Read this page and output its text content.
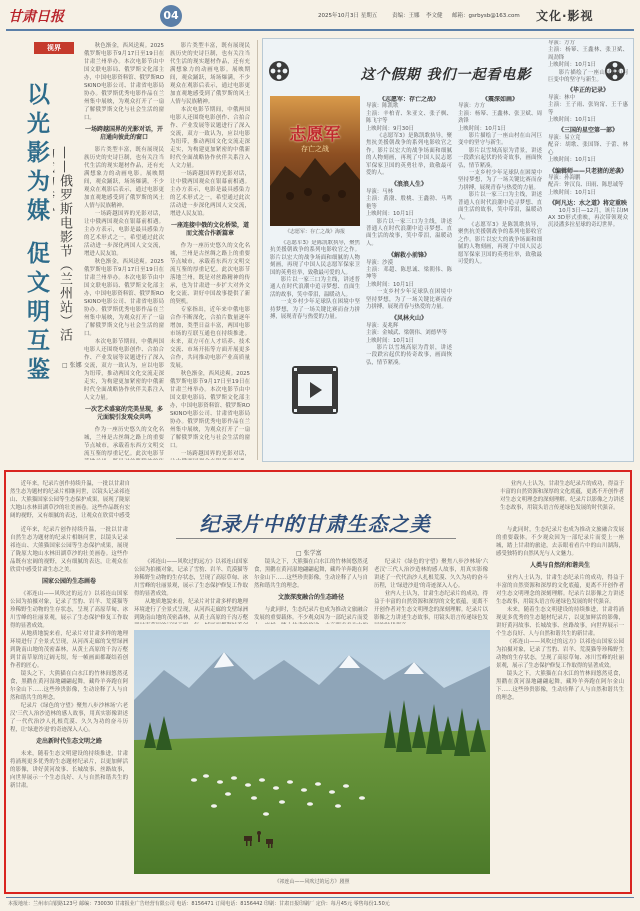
甘肃日报	04	2025年10月3日 星期五	责编：王娜 李文健 邮箱：gsrbysb@163.com 文化·影视
视界
以光影为媒 促文明互鉴 ——俄罗斯电影节（兰州站）活
□ 张娜

秋色渐金，西风送爽。2025俄罗斯电影节9月17日至19日在甘肃兰州举办。本次电影节由中国文联电影局、俄罗斯文化部主办，中国电影资料馆、俄罗斯ROSKINO电影公司、甘肃省电影局协办。俄罗斯优秀电影作品在兰州集中展映，为观众打开了一扇了解俄罗斯文化与社会生活的窗口。

一场跨越国界的光影对话，开启通向彼此的窗口

影片类型丰富，既有展现民族历史的史诗巨制，也有关注当代生活的现实题材作品，还有充满想象力的动画电影。展映期间，观众踊跃，场场爆满，不少观众在观影后表示，通过电影更加直观地感受到了俄罗斯的风土人情与民族精神。

一场跨越国界的光影对话，让中俄两国观众在银幕前相遇。主办方表示，电影是最具感染力的艺术形式之一，希望通过此次活动进一步深化两国人文交流，增进人民友谊。

秋色渐金，西风送爽。2025俄罗斯电影节9月17日至19日在甘肃兰州举办。本次电影节由中国文联电影局、俄罗斯文化部主办，中国电影资料馆、俄罗斯ROSKINO电影公司、甘肃省电影局协办。俄罗斯优秀电影作品在兰州集中展映，为观众打开了一扇了解俄罗斯文化与社会生活的窗口。

本次电影节期间，中俄两国电影人还围绕电影创作、合拍合作、产业发展等议题进行了深入交流，双方一致认为，应以电影为纽带，推动两国文化交流走深走实，为构建更加紧密的中俄新时代全面战略协作伙伴关系注入人文力量。

一次艺术盛宴的完美呈现，多元面貌引发观众共鸣

作为一座历史悠久的文化名城，兰州是古丝绸之路上的重要节点城市，承载着东西方文明交流互鉴的厚重记忆。此次电影节

影片类型丰富，既有展现民族历史的史诗巨制，也有关注当代生活的现实题材作品，还有充满想象力的动画电影。展映期间，观众踊跃，场场爆满，不少观众在观影后表示，通过电影更加直观地感受到了俄罗斯的风土人情与民族精神。

本次电影节期间，中俄两国电影人还围绕电影创作、合拍合作、产业发展等议题进行了深入交流，双方一致认为，应以电影为纽带，推动两国文化交流走深走实，为构建更加紧密的中俄新时代全面战略协作伙伴关系注入人文力量。

一场跨越国界的光影对话，让中俄两国观众在银幕前相遇。主办方表示，电影是最具感染力的艺术形式之一，希望通过此次活动进一步深化两国人文交流，增进人民友谊。

一座连接中俄的文化桥梁，道而文流合作新篇章

作为一座历史悠久的文化名城，兰州是古丝绸之路上的重要节点城市，承载着东西方文明交流互鉴的厚重记忆。此次电影节落地兰州，既是对丝路精神的传承，也为甘肃进一步扩大对外文化交流、讲好中国故事提供了新的契机。

专家指出，近年来中俄电影合作不断深化，合拍片数量逐年增加，类型日益丰富，两国电影市场的互联互通也在持续推进。未来，双方可在人才培养、技术交流、市场开拓等方面开展更多合作，共同推动电影产业高质量发展。

秋色渐金，西风送爽。2025俄罗斯电影节9月17日至19日在甘肃兰州举办。本次电影节由中国文联电影局、俄罗斯文化部主办，中国电影资料馆、俄罗斯ROSKINO电影公司、甘肃省电影局协办。俄罗斯优秀电影作品在兰州集中展映，为观众打开了一扇了解俄罗斯文化与社会生活的窗口。

一场跨越国界的光影对话，

这个假期 我们一起看电影
志愿军
存亡之战
《志愿军：存亡之战》海报
《志愿军：存亡之战》
导演：陈凯歌
主演：辛柏青、朱亚文、张子枫、陈飞宇等
上映时间：9月30日

《志愿军3》是陈凯歌执导，聚焦抗美援朝战争的系列电影收官之作。影片以宏大的战争场面和细腻的人物刻画，再现了中国人民志愿军保家卫国的英勇壮举，致敬最可爱的人。

《浪浪人生》
导演：马林
主演：黄渤、殷桃、王鑫勃、马鸣艳等
上映时间：10月1日

影片以一家三口为主线，讲述普通人在时代浪潮中追寻梦想、直面生活的故事，笑中带泪，温暖动人。

《解救小前锋》
导演：沙漠
主演：邓超、陈思诚、梁朝伟、陈坤等
上映时间：10月1日

一支乡村少年足球队在困境中坚持梦想，为了一场关键比赛而奋力拼搏，展现青春与热爱的力量。

《风林火山》
导演：麦兆辉
主演：金城武、梁朝伟、刘德华等
上映时间：10月1日

影片以雪域高原为背景，讲述一段跌宕起伏的传奇故事，画面恢弘，情节紧凑。

《志愿军3》是陈凯歌执导，聚焦抗美援朝战争的系列电影收官之作。影片以宏大的战争场面和细腻的人物刻画，再现了中国人民志愿军保家卫国的英勇壮举，致敬最可爱的人。

影片以一家三口为主线，讲述普通人在时代浪潮中追寻梦想、直面生活的故事，笑中带泪，温暖动人。

一支乡村少年足球队在困境中坚持梦想，为了一场关键比赛而奋力拼搏，展现青春与热爱的力量。

《震深如画》
导演：方方
主演：杨幂、王鑫林、张卫斌、周劲锋
上映时间：10月1日

影片描绘了一座山村在山河巨变中的坚守与新生。

影片以雪域高原为背景，讲述一段跌宕起伏的传奇故事，画面恢弘，情节紧凑。

一支乡村少年足球队在困境中坚持梦想，为了一场关键比赛而奋力拼搏，展现青春与热爱的力量。

影片以一家三口为主线，讲述普通人在时代浪潮中追寻梦想、直面生活的故事，笑中带泪，温暖动人。

《志愿军3》是陈凯歌执导，聚焦抗美援朝战争的系列电影收官之作。影片以宏大的战争场面和细腻的人物刻画，再现了中国人民志愿军保家卫国的英勇壮举，致敬最可爱的人。

导演：方方
主演：杨幂、王鑫林、张卫斌、周劲锋
上映时间：10月1日

影片描绘了一座山村在山河巨变中的坚守与新生。

《毕正的记录》
导演：林中
主演：王子雨、张钧甯、王千惠等
上映时间：10月1日
《三国的星空第一部》
导演：易立竞
配音：胡歌、张国锋、于蕾、林心
上映时间：10月1日
《编辑师——只老猪的逆袭》
导演：孙海鹏
配音：钟汉良、田雨、陈思诚等
上映时间：10月1日
《阿凡达：水之道》将定重映

10月3日—12月，该片以IMAX 3D形式重映，再次带领观众沉浸潘多拉星球的奇幻世界。

近年来，纪录片创作持续升温，一批以甘肃自然生态为题材的纪录片相继问世，以镜头记录祁连山、大熊猫国家公园等生态保护成果，展现了陇原大地山水林田湖草沙的壮美画卷。这些作品既有宏阔的视野，又有细腻的表达，让观众在欣赏中感受	纪录片中的甘肃生态之美
□ 张学富

业内人士认为，甘肃生态纪录片的成功，得益于丰富的自然资源和深厚的文化底蕴，更离不开创作者对生态文明理念的深刻理解。纪录片以影像之力讲述生态故事，用镜头语言传递绿色发展的时代强音。

近年来，纪录片创作持续升温，一批以甘肃自然生态为题材的纪录片相继问世，以镜头记录祁连山、大熊猫国家公园等生态保护成果，展现了陇原大地山水林田湖草沙的壮美画卷。这些作品既有宏阔的视野，又有细腻的表达，让观众在欣赏中感受甘肃生态之美。

国家公园的生态画卷

《祁连山——风吹过的远方》以祁连山国家公园为拍摄对象，记录了雪豹、岩羊、荒漠猫等珍稀野生动物的生存状态，呈现了高原草甸、冰川雪峰的壮丽景观，展示了生态保护修复工作取得的显著成效。

从地质地貌来看，纪录片对甘肃多样的地理环境进行了全景式呈现，从河西走廊的戈壁绿洲到陇南山地的茂密森林，从黄土高原的千沟万壑到甘南草原的辽阔无垠，每一帧画面都凝结着创作者的匠心。

镜头之下，大熊猫在白水江的竹林间悠然觅食，黑鹳在黄河湿地翩翩起舞，藏羚羊奔跑在阿尔金山下……这些珍贵影像，生动诠释了人与自然和谐共生的理念。

纪录片《绿色的守望》聚焦八步沙林场'六老汉'三代人治沙造林的感人故事，用真实影像讲述了一代代治沙人扎根荒漠、久久为功的奋斗历程，让'绿进沙退'的奇迹深入人心。

走出新时代生态文明之路

未来，随着生态文明建设的持续推进，甘肃将涌现更多优秀的生态题材纪录片，以更加鲜活的影像，讲好黄河故事、长城故事、丝路故事，向世界展示一个生态良好、人与自然和谐共生的新甘肃。

《祁连山——风吹过的远方》以祁连山国家公园为拍摄对象，记录了雪豹、岩羊、荒漠猫等珍稀野生动物的生存状态，呈现了高原草甸、冰川雪峰的壮丽景观，展示了生态保护修复工作取得的显著成效。

从地质地貌来看，纪录片对甘肃多样的地理环境进行了全景式呈现，从河西走廊的戈壁绿洲到陇南山地的茂密森林，从黄土高原的千沟万壑

镜头之下，大熊猫在白水江的竹林间悠然觅食，黑鹳在黄河湿地翩翩起舞，藏羚羊奔跑在阿尔金山下……这些珍贵影像，生动诠释了人与自然和谐共生的理念。

文旅深度融合的生态路径

与此同时，生态纪录片也成为推动文旅融合发展的重要载体。不少观众因为一部纪录片而爱

纪录片《绿色的守望》聚焦八步沙林场'六老汉'三代人治沙造林的感人故事，用真实影像讲述了一代代治沙人扎根荒漠、久久为功的奋斗历程，让'绿进沙退'的奇迹深入人心。

业内人士认为，甘肃生态纪录片的成功，得益于丰富的自然资源和深厚的文化底蕴，更离不开创作者对生态文明理念的深刻理解。纪录片以影像之力讲述生态故事，用镜头语言传递绿色发

与此同时，生态纪录片也成为推动文旅融合发展的重要载体。不少观众因为一部纪录片而爱上一座城，踏上甘肃的旅途，去亲眼看看片中的山川湖海，感受独特的自然风光与人文魅力。

人类与自然的和谐共生

业内人士认为，甘肃生态纪录片的成功，得益于丰富的自然资源和深厚的文化底蕴，更离不开创作者对生态文明理念的深刻理解。纪录片以影像之力讲述生态故事，用镜头语言传递绿色发展的时代强音。

未来，随着生态文明建设的持续推进，甘肃将涌现更多优秀的生态题材纪录片，以更加鲜活的影像，讲好黄河故事、长城故事、丝路故事，向世界展示一个生态良好、人与自然和谐共生的新甘肃。

《祁连山——风吹过的远方》以祁连山国家公园为拍摄对象，记录了雪豹、岩羊、荒漠猫等珍稀野生动物的生存状态，呈现了高原草甸、冰川雪峰的壮丽景观，展示了生态保护修复工作取得的显著成效。

镜头之下，大熊猫在白水江的竹林间悠然觅食，黑鹳在黄河湿地翩翩起舞，藏羚羊奔跑在阿尔金山下……这些珍贵影像，生动诠释了人与自然和谐共生的理念。

《祁连山——风吹过的远方》剧照
本报地址：兰州市白银路123号 邮编：730030 甘肃报业广告经营有限公司 电话：8156471 订阅电话：8156442 印刷：甘肃日报印刷厂 定价：每月45元 零售每份1.50元
